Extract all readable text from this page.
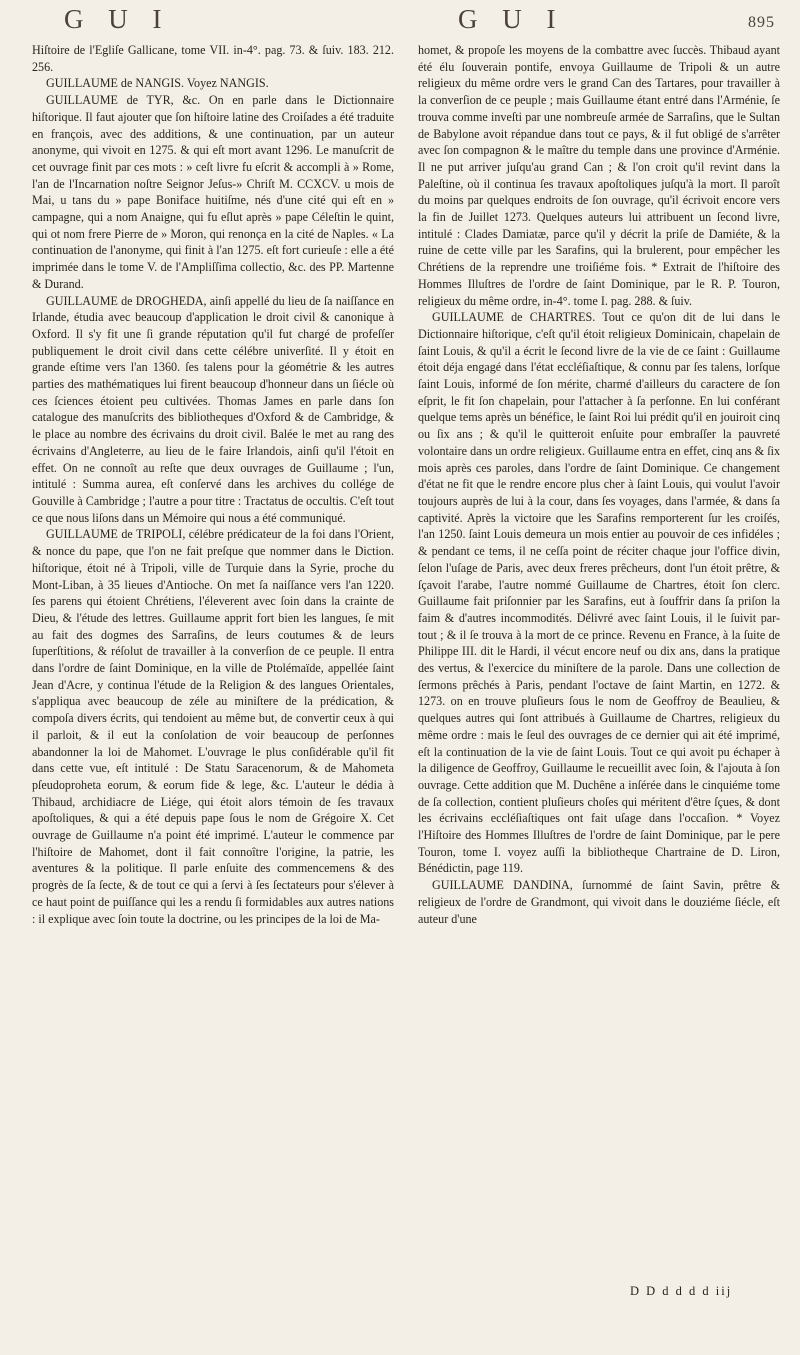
G U I	G U I	895

Hiſtoire de l'Egliſe Gallicane, tome VII. in-4°. pag. 73. & ſuiv. 183. 212. 256.

GUILLAUME de NANGIS. Voyez NANGIS.

GUILLAUME de TYR, &c. On en parle dans le Dictionnaire hiſtorique. Il faut ajouter que ſon hiſtoire latine des Croiſades a été traduite en françois, avec des additions, & une continuation, par un auteur anonyme, qui vivoit en 1275. & qui eſt mort avant 1296. Le manuſcrit de cet ouvrage finit par ces mots : » ceſt livre fu eſcrit & accompli à » Rome, l'an de l'Incarnation noſtre Seignor Jeſus-» Chriſt M. CCXCV. u mois de Mai, u tans du » pape Boniface huitiſme, nés d'une cité qui eſt en » campagne, qui a nom Anaigne, qui fu eſlut après » pape Céleſtin le quint, qui ot nom frere Pierre de » Moron, qui renonça en la cité de Naples. « La continuation de l'anonyme, qui finit à l'an 1275. eſt fort curieuſe : elle a été imprimée dans le tome V. de l'Ampliſſima collectio, &c. des PP. Martenne & Durand.

GUILLAUME de DROGHEDA, ainſi appellé du lieu de ſa naiſſance en Irlande, étudia avec beaucoup d'application le droit civil & canonique à Oxford. Il s'y fit une ſi grande réputation qu'il fut chargé de profeſſer publiquement le droit civil dans cette célébre univerſité. Il y étoit en grande eſtime vers l'an 1360. ſes talens pour la géométrie & les autres parties des mathématiques lui firent beaucoup d'honneur dans un ſiécle où ces ſciences étoient peu cultivées. Thomas James en parle dans ſon catalogue des manuſcrits des bibliotheques d'Oxford & de Cambridge, & le place au nombre des écrivains du droit civil. Balée le met au rang des écrivains d'Angleterre, au lieu de le faire Irlandois, ainſi qu'il l'étoit en effet. On ne connoît au reſte que deux ouvrages de Guillaume ; l'un, intitulé : Summa aurea, eſt conſervé dans les archives du collége de Gouville à Cambridge ; l'autre a pour titre : Tractatus de occultis. C'eſt tout ce que nous liſons dans un Mémoire qui nous a été communiqué.

GUILLAUME de TRIPOLI, célébre prédicateur de la foi dans l'Orient, & nonce du pape, que l'on ne fait preſque que nommer dans le Diction. hiſtorique, étoit né à Tripoli, ville de Turquie dans la Syrie, proche du Mont-Liban, à 35 lieues d'Antioche. On met ſa naiſſance vers l'an 1220. ſes parens qui étoient Chrétiens, l'éleverent avec ſoin dans la crainte de Dieu, & l'étude des lettres. Guillaume apprit fort bien les langues, ſe mit au fait des dogmes des Sarraſins, de leurs coutumes & de leurs ſuperſtitions, & réſolut de travailler à la converſion de ce peuple. Il entra dans l'ordre de ſaint Dominique, en la ville de Ptolémaïde, appellée ſaint Jean d'Acre, y continua l'étude de la Religion & des langues Orientales, s'appliqua avec beaucoup de zéle au miniſtere de la prédication, & compoſa divers écrits, qui tendoient au même but, de convertir ceux à qui il parloit, & il eut la conſolation de voir beaucoup de perſonnes abandonner la loi de Mahomet. L'ouvrage le plus conſidérable qu'il fit dans cette vue, eſt intitulé : De Statu Saracenorum, & de Mahometa pſeudoproheta eorum, & eorum fide & lege, &c. L'auteur le dédia à Thibaud, archidiacre de Liége, qui étoit alors témoin de ſes travaux apoſtoliques, & qui a été depuis pape ſous le nom de Grégoire X. Cet ouvrage de Guillaume n'a point été imprimé. L'auteur le commence par l'hiſtoire de Mahomet, dont il fait connoître l'origine, la patrie, les aventures & la politique. Il parle enſuite des commencemens & des progrès de ſa ſecte, & de tout ce qui a ſervi à ſes ſectateurs pour s'élever à ce haut point de puiſſance qui les a rendu ſi formidables aux autres nations : il explique avec ſoin toute la doctrine, ou les principes de la loi de Ma-

homet, & propoſe les moyens de la combattre avec ſuccès. Thibaud ayant été élu ſouverain pontife, envoya Guillaume de Tripoli & un autre religieux du même ordre vers le grand Can des Tartares, pour travailler à la converſion de ce peuple ; mais Guillaume étant entré dans l'Arménie, ſe trouva comme inveſti par une nombreuſe armée de Sarraſins, que le Sultan de Babylone avoit répandue dans tout ce pays, & il fut obligé de s'arrêter avec ſon compagnon & le maître du temple dans une province d'Arménie. Il ne put arriver juſqu'au grand Can ; & l'on croit qu'il revint dans la Paleſtine, où il continua ſes travaux apoſtoliques juſqu'à la mort. Il paroît du moins par quelques endroits de ſon ouvrage, qu'il écrivoit encore vers la fin de Juillet 1273. Quelques auteurs lui attribuent un ſecond livre, intitulé : Clades Damiatæ, parce qu'il y décrit la priſe de Damiéte, & la ruine de cette ville par les Sarafins, qui la brulerent, pour empêcher les Chrétiens de la reprendre une troiſiéme fois. * Extrait de l'hiſtoire des Hommes Illuſtres de l'ordre de ſaint Dominique, par le R. P. Touron, religieux du même ordre, in-4°. tome I. pag. 288. & ſuiv.

GUILLAUME de CHARTRES. Tout ce qu'on dit de lui dans le Dictionnaire hiſtorique, c'eſt qu'il étoit religieux Dominicain, chapelain de ſaint Louis, & qu'il a écrit le ſecond livre de la vie de ce ſaint : Guillaume étoit déja engagé dans l'état eccléſiaſtique, & connu par ſes talens, lorſque ſaint Louis, informé de ſon mérite, charmé d'ailleurs du caractere de ſon eſprit, le fit ſon chapelain, pour l'attacher à ſa perſonne. En lui conférant quelque tems après un bénéfice, le ſaint Roi lui prédit qu'il en jouiroit cinq ou ſix ans ; & qu'il le quitteroit enſuite pour embraſſer la pauvreté volontaire dans un ordre religieux. Guillaume entra en effet, cinq ans & ſix mois après ces paroles, dans l'ordre de ſaint Dominique. Ce changement d'état ne fit que le rendre encore plus cher à ſaint Louis, qui voulut l'avoir toujours auprès de lui à la cour, dans ſes voyages, dans l'armée, & dans ſa captivité. Après la victoire que les Sarafins remporterent ſur les croiſés, l'an 1250. ſaint Louis demeura un mois entier au pouvoir de ces infidéles ; & pendant ce tems, il ne ceſſa point de réciter chaque jour l'office divin, ſelon l'uſage de Paris, avec deux freres prêcheurs, dont l'un étoit prêtre, & ſçavoit l'arabe, l'autre nommé Guillaume de Chartres, étoit ſon clerc. Guillaume fait priſonnier par les Sarafins, eut à ſouffrir dans ſa priſon la faim & d'autres incommodités. Délivré avec ſaint Louis, il le ſuivit par-tout ; & il ſe trouva à la mort de ce prince. Revenu en France, à la ſuite de Philippe III. dit le Hardi, il vécut encore neuf ou dix ans, dans la pratique des vertus, & l'exercice du miniſtere de la parole. Dans une collection de ſermons prêchés à Paris, pendant l'octave de ſaint Martin, en 1272. & 1273. on en trouve pluſieurs ſous le nom de Geoffroy de Beaulieu, & quelques autres qui ſont attribués à Guillaume de Chartres, religieux du même ordre : mais le ſeul des ouvrages de ce dernier qui ait été imprimé, eſt la continuation de la vie de ſaint Louis. Tout ce qui avoit pu échaper à la diligence de Geoffroy, Guillaume le recueillit avec ſoin, & l'ajouta à ſon ouvrage. Cette addition que M. Duchêne a inſérée dans le cinquiéme tome de ſa collection, contient pluſieurs choſes qui méritent d'être ſçues, & dont les écrivains eccléſiaſtiques ont fait uſage dans l'occaſion. * Voyez l'Hiſtoire des Hommes Illuſtres de l'ordre de ſaint Dominique, par le pere Touron, tome I. voyez auſſi la bibliotheque Chartraine de D. Liron, Bénédictin, page 119.

GUILLAUME DANDINA, ſurnommé de ſaint Savin, prêtre & religieux de l'ordre de Grandmont, qui vivoit dans le douziéme ſiécle, eſt auteur d'une

D D d d d d iij
